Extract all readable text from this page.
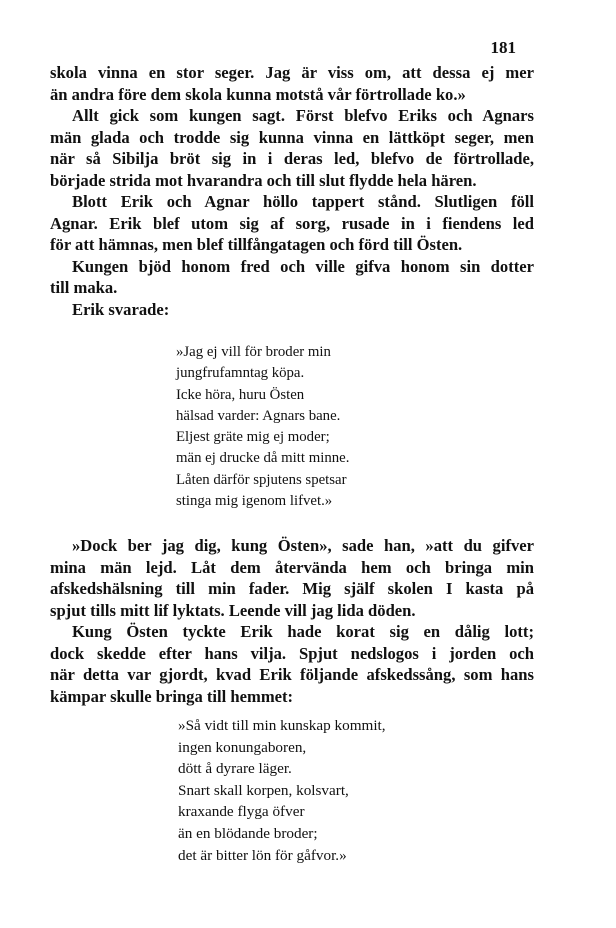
181
skola vinna en stor seger. Jag är viss om, att dessa ej mer
än andra före dem skola kunna motstå vår förtrollade ko.»
Allt gick som kungen sagt. Först blefvo Eriks och Agnars
män glada och trodde sig kunna vinna en lättköpt seger, men
när så Sibilja bröt sig in i deras led, blefvo de förtrollade,
började strida mot hvarandra och till slut flydde hela hären.
Blott Erik och Agnar höllo tappert stånd. Slutligen föll
Agnar. Erik blef utom sig af sorg, rusade in i fiendens led
för att hämnas, men blef tillfångatagen och förd till Östen.
Kungen bjöd honom fred och ville gifva honom sin dotter
till maka.
Erik svarade:
»Jag ej vill för broder min
jungfrufamntag köpa.
Icke höra, huru Östen
hälsad varder: Agnars bane.
Eljest gräte mig ej moder;
män ej drucke då mitt minne.
Låten därför spjutens spetsar
stinga mig igenom lifvet.»
»Dock ber jag dig, kung Östen», sade han, »att du gifver
mina män lejd. Låt dem återvända hem och bringa min
afskedshälsning till min fader. Mig själf skolen I kasta på
spjut tills mitt lif lyktats. Leende vill jag lida döden.
Kung Östen tyckte Erik hade korat sig en dålig lott;
dock skedde efter hans vilja. Spjut nedslogos i jorden och
när detta var gjordt, kvad Erik följande afskedssång, som hans
kämpar skulle bringa till hemmet:
»Så vidt till min kunskap kommit,
ingen konungaboren,
dött å dyrare läger.
Snart skall korpen, kolsvart,
kraxande flyga öfver
än en blödande broder;
det är bitter lön för gåfvor.»
